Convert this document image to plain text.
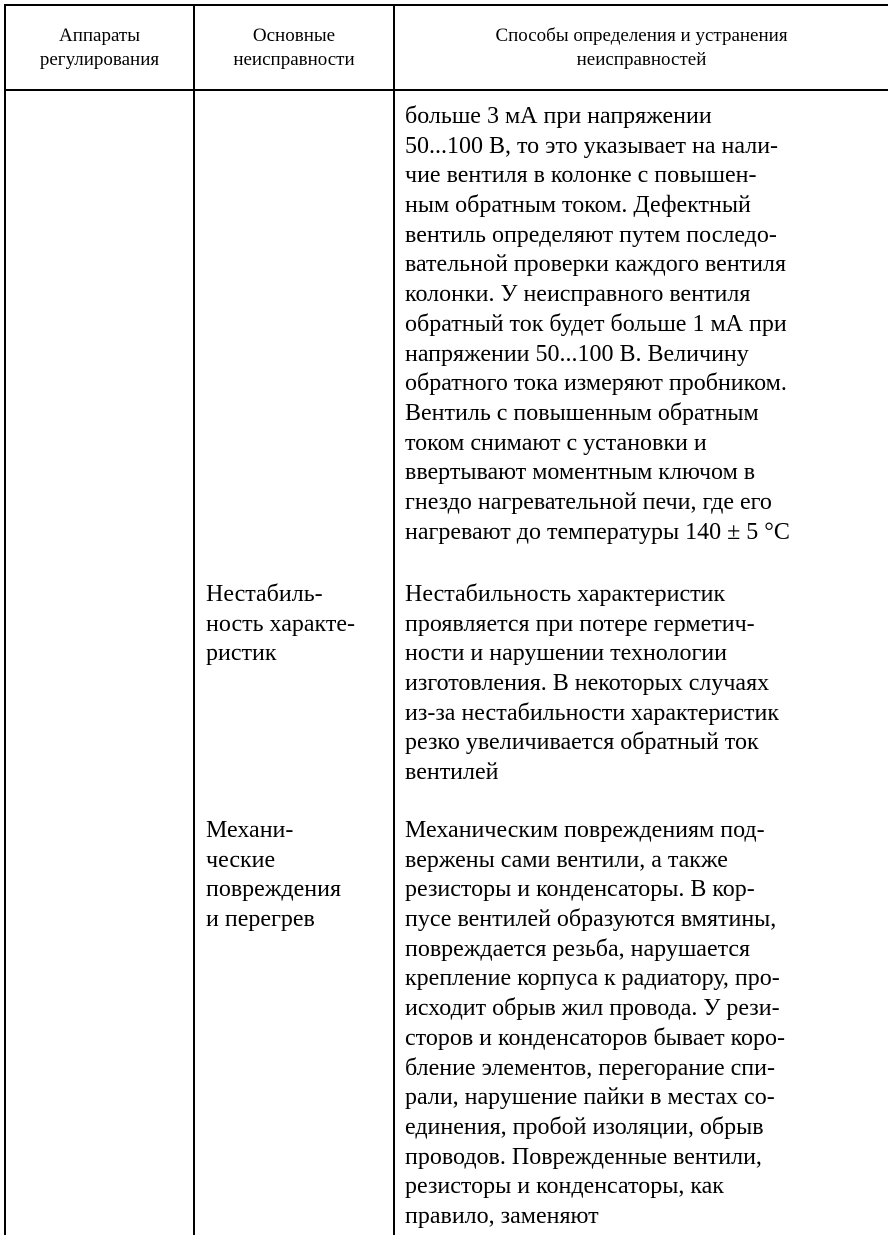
Аппараты
регулирования
Основные
неисправности
Способы определения и устранения
неисправностей
больше 3 мА при напряжении
50...100 В, то это указывает на нали-
чие вентиля в колонке с повышен-
ным обратным током. Дефектный
вентиль определяют путем последо-
вательной проверки каждого вентиля
колонки. У неисправного вентиля
обратный ток будет больше 1 мА при
напряжении 50...100 В. Величину
обратного тока измеряют пробником.
Вентиль с повышенным обратным
током снимают с установки и
ввертывают моментным ключом в
гнездо нагревательной печи, где его
нагревают до температуры 140 ± 5 °С
Нестабиль-
ность характе-
ристик
Нестабильность характеристик
проявляется при потере герметич-
ности и нарушении технологии
изготовления. В некоторых случаях
из-за нестабильности характеристик
резко увеличивается обратный ток
вентилей
Механи-
ческие
повреждения
и перегрев
Механическим повреждениям под-
вержены сами вентили, а также
резисторы и конденсаторы. В кор-
пусе вентилей образуются вмятины,
повреждается резьба, нарушается
крепление корпуса к радиатору, про-
исходит обрыв жил провода. У рези-
сторов и конденсаторов бывает коро-
бление элементов, перегорание спи-
рали, нарушение пайки в местах со-
единения, пробой изоляции, обрыв
проводов. Поврежденные вентили,
резисторы и конденсаторы, как
правило, заменяют
